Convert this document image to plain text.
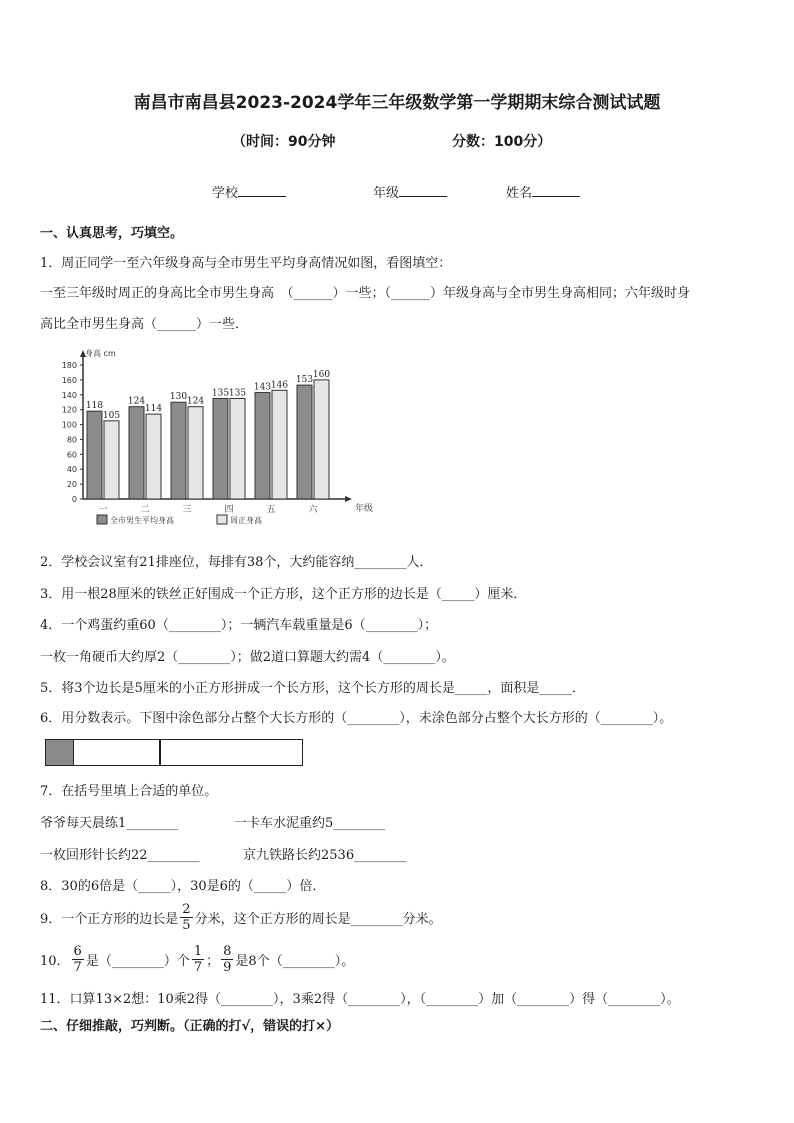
南昌市南昌县2023-2024学年三年级数学第一学期期末综合测试试题
（时间：90分钟	分数：100分）
学校	年级	姓名
一、认真思考，巧填空。
1．周正同学一至六年级身高与全市男生平均身高情况如图，看图填空：
一至三年级时周正的身高比全市男生身高　（______）一些；（______）年级身高与全市男生身高相同；六年级时身
高比全市男生身高（______）一些．
0
20
40
60
80
100
120
140
160
180
身高 cm
年级
118
105
一
124
114
二
130 124
三
135 135
四
143 146
五
153
160
六
全市男生平均身高	周正身高
2．学校会议室有21排座位，每排有38个，大约能容纳________人．
3．用一根28厘米的铁丝正好围成一个正方形，这个正方形的边长是（_____）厘米．
4．一个鸡蛋约重60（________）；一辆汽车载重量是6（________）；
一枚一角硬币大约厚2（________）；做2道口算题大约需4（________）。
5．将3个边长是5厘米的小正方形拼成一个长方形，这个长方形的周长是_____，面积是_____．
6．用分数表示。下图中涂色部分占整个大长方形的（________），未涂色部分占整个大长方形的（________）。
7．在括号里填上合适的单位。
爷爷每天晨练1________	一卡车水泥重约5________
一枚回形针长约22________	京九铁路长约2536________
8．30的6倍是（_____），30是6的（_____）倍．
9．一个正方形的边长是 $\frac{2}{5}$ 分米，这个正方形的周长是________分米。
10． $\frac{6}{7}$ 是（________）个 $\frac{1}{7}$ ； $\frac{8}{9}$ 是8个（________）。
11．口算13×2想：10乘2得（________），3乘2得（________），（________）加（________）得（________）。
二、仔细推敲，巧判断。（正确的打√，错误的打×）
